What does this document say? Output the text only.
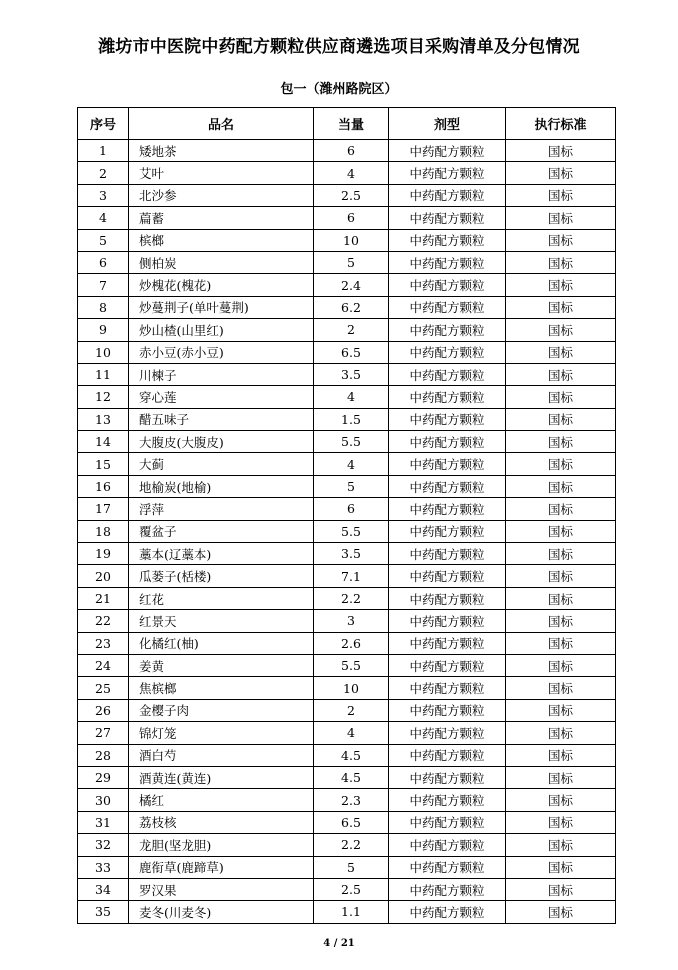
潍坊市中医院中药配方颗粒供应商遴选项目采购清单及分包情况
包一（潍州路院区）
序号	品名	当量	剂型	执行标准
1	矮地茶	6	中药配方颗粒	国标
2	艾叶	4	中药配方颗粒	国标
3	北沙参	2.5	中药配方颗粒	国标
4	萹蓄	6	中药配方颗粒	国标
5	槟榔	10	中药配方颗粒	国标
6	侧柏炭	5	中药配方颗粒	国标
7	炒槐花(槐花)	2.4	中药配方颗粒	国标
8	炒蔓荆子(单叶蔓荆)	6.2	中药配方颗粒	国标
9	炒山楂(山里红)	2	中药配方颗粒	国标
10	赤小豆(赤小豆)	6.5	中药配方颗粒	国标
11	川楝子	3.5	中药配方颗粒	国标
12	穿心莲	4	中药配方颗粒	国标
13	醋五味子	1.5	中药配方颗粒	国标
14	大腹皮(大腹皮)	5.5	中药配方颗粒	国标
15	大蓟	4	中药配方颗粒	国标
16	地榆炭(地榆)	5	中药配方颗粒	国标
17	浮萍	6	中药配方颗粒	国标
18	覆盆子	5.5	中药配方颗粒	国标
19	藁本(辽藁本)	3.5	中药配方颗粒	国标
20	瓜蒌子(栝楼)	7.1	中药配方颗粒	国标
21	红花	2.2	中药配方颗粒	国标
22	红景天	3	中药配方颗粒	国标
23	化橘红(柚)	2.6	中药配方颗粒	国标
24	姜黄	5.5	中药配方颗粒	国标
25	焦槟榔	10	中药配方颗粒	国标
26	金樱子肉	2	中药配方颗粒	国标
27	锦灯笼	4	中药配方颗粒	国标
28	酒白芍	4.5	中药配方颗粒	国标
29	酒黄连(黄连)	4.5	中药配方颗粒	国标
30	橘红	2.3	中药配方颗粒	国标
31	荔枝核	6.5	中药配方颗粒	国标
32	龙胆(坚龙胆)	2.2	中药配方颗粒	国标
33	鹿衔草(鹿蹄草)	5	中药配方颗粒	国标
34	罗汉果	2.5	中药配方颗粒	国标
35	麦冬(川麦冬)	1.1	中药配方颗粒	国标
4 / 21
